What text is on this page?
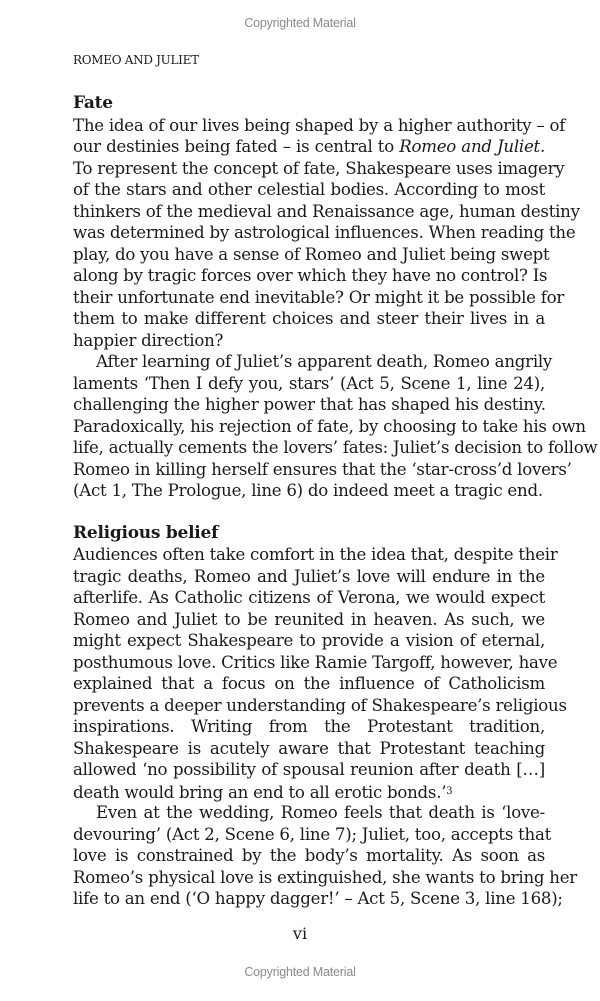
Copyrighted Material
ROMEO AND JULIET
Fate
The idea of our lives being shaped by a higher authority – of
our destinies being fated – is central to Romeo and Juliet.
To represent the concept of fate, Shakespeare uses imagery
of the stars and other celestial bodies. According to most
thinkers of the medieval and Renaissance age, human destiny
was determined by astrological influences. When reading the
play, do you have a sense of Romeo and Juliet being swept
along by tragic forces over which they have no control? Is
their unfortunate end inevitable? Or might it be possible for
them to make different choices and steer their lives in a
happier direction?
After learning of Juliet’s apparent death, Romeo angrily
laments ‘Then I defy you, stars’ (Act 5, Scene 1, line 24),
challenging the higher power that has shaped his destiny.
Paradoxically, his rejection of fate, by choosing to take his own
life, actually cements the lovers’ fates: Juliet’s decision to follow
Romeo in killing herself ensures that the ‘star-cross’d lovers’
(Act 1, The Prologue, line 6) do indeed meet a tragic end.
Religious belief
Audiences often take comfort in the idea that, despite their
tragic deaths, Romeo and Juliet’s love will endure in the
afterlife. As Catholic citizens of Verona, we would expect
Romeo and Juliet to be reunited in heaven. As such, we
might expect Shakespeare to provide a vision of eternal,
posthumous love. Critics like Ramie Targoff, however, have
explained that a focus on the influence of Catholicism
prevents a deeper understanding of Shakespeare’s religious
inspirations. Writing from the Protestant tradition,
Shakespeare is acutely aware that Protestant teaching
allowed ‘no possibility of spousal reunion after death […]
death would bring an end to all erotic bonds.’$^3$
Even at the wedding, Romeo feels that death is ‘love-
devouring’ (Act 2, Scene 6, line 7); Juliet, too, accepts that
love is constrained by the body’s mortality. As soon as
Romeo’s physical love is extinguished, she wants to bring her
life to an end (‘O happy dagger!’ – Act 5, Scene 3, line 168);
vi
Copyrighted Material
